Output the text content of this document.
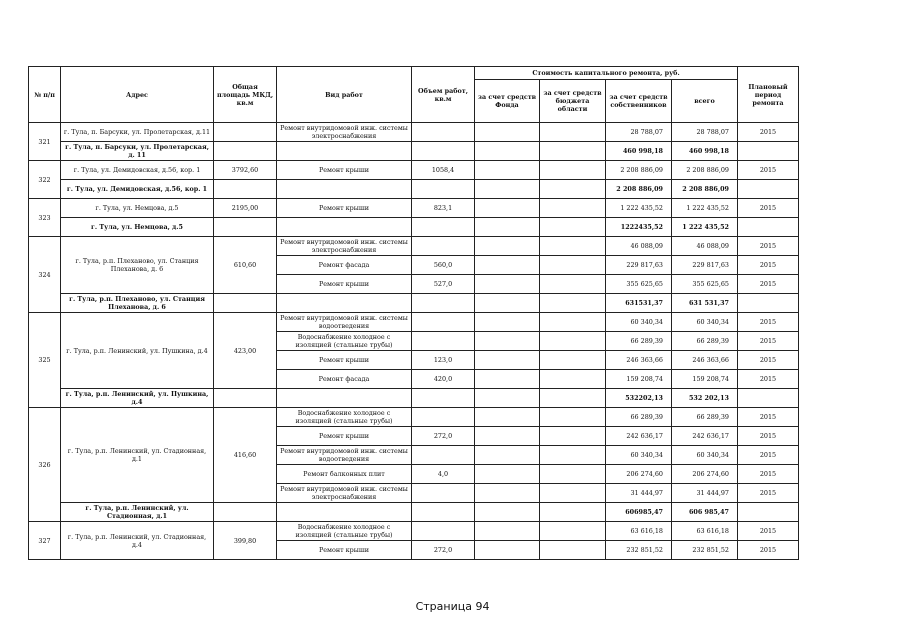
№ п/п	Адрес	Общая площадь МКД, кв.м	Вид работ	Объем работ, кв.м	Стоимость капитального ремонта, руб.				Плановый период ремонта
					за счет средств Фонда	за счет средств бюджета области	за счет средств собственников	всего	
321	г. Тула, п. Барсуки, ул. Пролетарская, д.11		Ремонт внутридомовой инж. системы электроснабжения				28 788,07	28 788,07	2015
	г. Тула, п. Барсуки, ул. Пролетарская, д. 11						460 998,18	460 998,18	
322	г. Тула, ул. Демидовская, д.56, кор. 1	3792,60	Ремонт крыши	1058,4			2 208 886,09	2 208 886,09	2015
	г. Тула, ул. Демидовская, д.56, кор. 1						2 208 886,09	2 208 886,09	
323	г. Тула, ул. Немцова, д.5	2195,00	Ремонт крыши	823,1			1 222 435,52	1 222 435,52	2015
	г. Тула, ул. Немцова, д.5						1222435,52	1 222 435,52	
324	г. Тула, р.п. Плеханово, ул. Станция Плеханова, д. 6	610,60	Ремонт внутридомовой инж. системы электроснабжения				46 088,09	46 088,09	2015
			Ремонт фасада	560,0			229 817,63	229 817,63	2015
			Ремонт крыши	527,0			355 625,65	355 625,65	2015
	г. Тула, р.п. Плеханово, ул. Станция Плеханова, д. 6						631531,37	631 531,37	
325	г. Тула, р.п. Ленинский, ул. Пушкина, д.4	423,00	Ремонт внутридомовой инж. системы водоотведения				60 340,34	60 340,34	2015
			Водоснабжение холодное с изоляцией (стальные трубы)				66 289,39	66 289,39	2015
			Ремонт крыши	123,0			246 363,66	246 363,66	2015
			Ремонт фасада	420,0			159 208,74	159 208,74	2015
	г. Тула, р.п. Ленинский, ул. Пушкина, д.4						532202,13	532 202,13	
326	г. Тула, р.п. Ленинский, ул. Стадионная, д.1	416,60	Водоснабжение холодное с изоляцией (стальные трубы)				66 289,39	66 289,39	2015
			Ремонт крыши	272,0			242 636,17	242 636,17	2015
			Ремонт внутридомовой инж. системы водоотведения				60 340,34	60 340,34	2015
			Ремонт балконных плит	4,0			206 274,60	206 274,60	2015
			Ремонт внутридомовой инж. системы электроснабжения				31 444,97	31 444,97	2015
	г. Тула, р.п. Ленинский, ул. Стадионная, д.1						606985,47	606 985,47	
327	г. Тула, р.п. Ленинский, ул. Стадионная, д.4	399,80	Водоснабжение холодное с изоляцией (стальные трубы)				63 616,18	63 616,18	2015
			Ремонт крыши	272,0			232 851,52	232 851,52	2015
Страница 94
